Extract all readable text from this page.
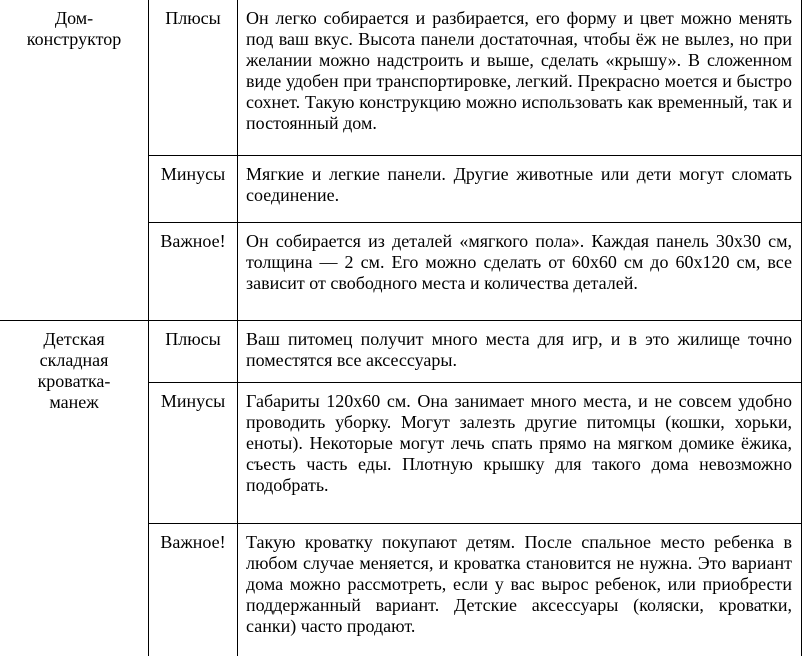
Дом-конструктор
Плюсы	Он легко собирается и разбирается, его форму и цвет можно менять под ваш вкус. Высота панели достаточная, чтобы ёж не вылез, но при желании можно надстроить и выше, сделать «крышу». В сложенном виде удобен при транспортировке, легкий. Прекрасно моется и быстро сохнет. Такую конструкцию можно использовать как временный, так и постоянный дом.
Минусы	Мягкие и легкие панели. Другие животные или дети могут сломать соединение.
Важное!	Он собирается из деталей «мягкого пола». Каждая панель 30х30 см, толщина — 2 см. Его можно сделать от 60х60 см до 60х120 см, все зависит от свободного места и количества деталей.
Детская складная кроватка-манеж
Плюсы	Ваш питомец получит много места для игр, и в это жилище точно поместятся все аксессуары.
Минусы	Габариты 120х60 см. Она занимает много места, и не совсем удобно проводить уборку. Могут залезть другие питомцы (кошки, хорьки, еноты). Некоторые могут лечь спать прямо на мягком домике ёжика, съесть часть еды. Плотную крышку для такого дома невозможно подобрать.
Важное!	Такую кроватку покупают детям. После спальное место ребенка в любом случае меняется, и кроватка становится не нужна. Это вариант дома можно рассмотреть, если у вас вырос ребенок, или приобрести поддержанный вариант. Детские аксессуары (коляски, кроватки, санки) часто продают.
